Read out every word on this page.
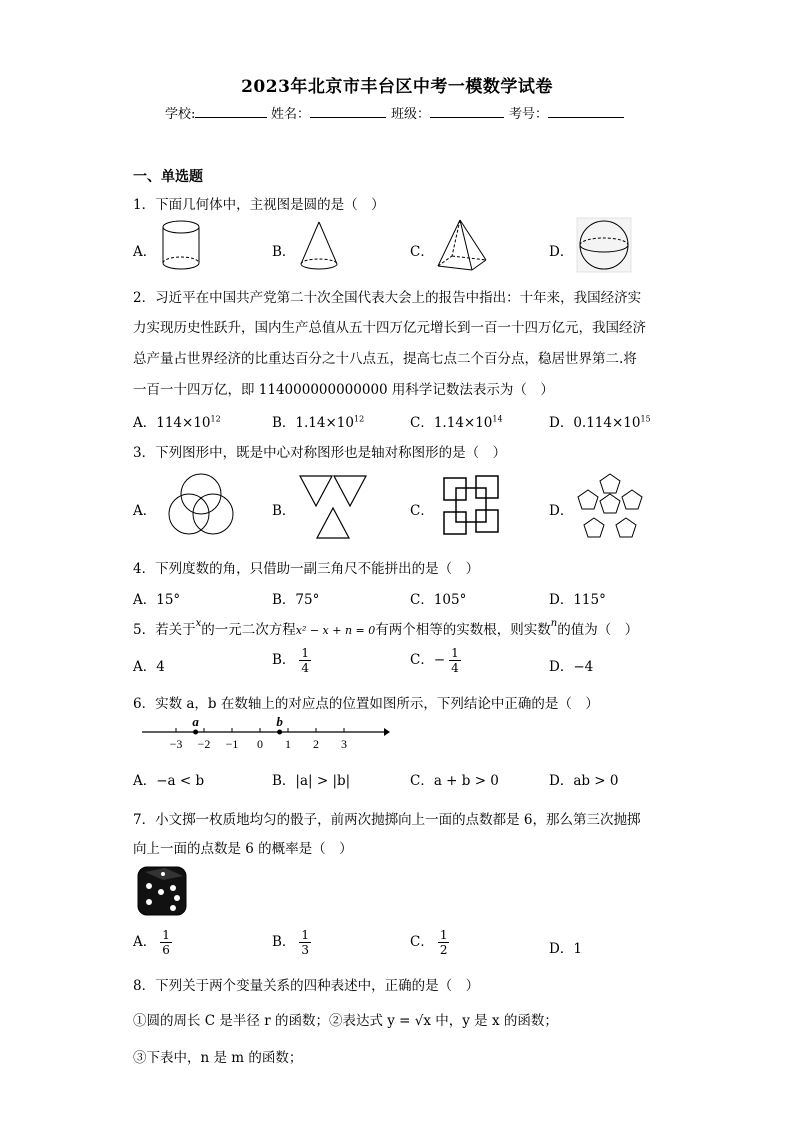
2023年北京市丰台区中考一模数学试卷
学校:	姓名：	班级：	考号：
一、单选题
1．下面几何体中，主视图是圆的是（　）
A．	B．	C．	D．
2．习近平在中国共产党第二十次全国代表大会上的报告中指出：十年来，我国经济实
力实现历史性跃升，国内生产总值从五十四万亿元增长到一百一十四万亿元，我国经济
总产量占世界经济的比重达百分之十八点五，提高七点二个百分点，稳居世界第二.将
一百一十四万亿，即 114000000000000 用科学记数法表示为（　）
A．$114\times 10^{12}$	B．$1.14\times 10^{12}$	C．$1.14\times 10^{14}$	D．$0.114\times 10^{15}$
3．下列图形中，既是中心对称图形也是轴对称图形的是（　）
A．	B．	C．	D．
4．下列度数的角，只借助一副三角尺不能拼出的是（　）
A．15°	B．75°	C．105°	D．115°
5．若关于$^x$的一元二次方程x² − x + n = 0有两个相等的实数根，则实数$^n$的值为（　）
A．4	B． $\frac{1}{4}$	C．− $\frac{1}{4}$	D．−4
6．实数 a，b 在数轴上的对应点的位置如图所示，下列结论中正确的是（　）
−3 −2 −1 0 1 2 3
a	b
A．−a < b	B．|a| > |b|	C．a + b > 0	D．ab > 0
7．小文掷一枚质地均匀的骰子，前两次抛掷向上一面的点数都是 6，那么第三次抛掷
向上一面的点数是 6 的概率是（　）
A． $\frac{1}{6}$	B． $\frac{1}{3}$	C． $\frac{1}{2}$	D．1
8．下列关于两个变量关系的四种表述中，正确的是（　）
①圆的周长 C 是半径 r 的函数；②表达式 y = √x 中，y 是 x 的函数；
③下表中，n 是 m 的函数；
